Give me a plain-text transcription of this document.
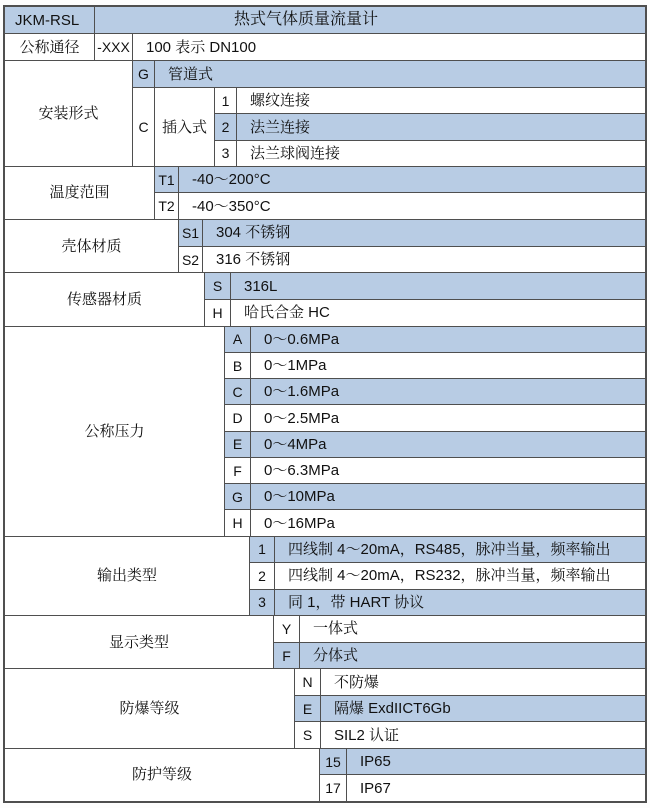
JKM-RSL	热式气体质量流量计
公称通径	-XXX	100 表示 DN100
安装形式
G	管道式
C 插入式
1	螺纹连接
2	法兰连接
3	法兰球阀连接
温度范围
T1	-40～200°C
T2	-40～350°C
壳体材质
S1	304 不锈钢
S2	316 不锈钢
传感器材质
S	316L
H	哈氏合金 HC
公称压力
A	0～0.6MPa
B	0～1MPa
C	0～1.6MPa
D	0～2.5MPa
E	0～4MPa
F	0～6.3MPa
G	0～10MPa
H	0～16MPa
输出类型
1	四线制 4～20mA，RS485，脉冲当量，频率输出
2	四线制 4～20mA，RS232，脉冲当量，频率输出
3	同 1，带 HART 协议
显示类型
Y	一体式
F	分体式
防爆等级
N	不防爆
E	隔爆 ExdIICT6Gb
S	SIL2 认证
防护等级
15	IP65
17	IP67
